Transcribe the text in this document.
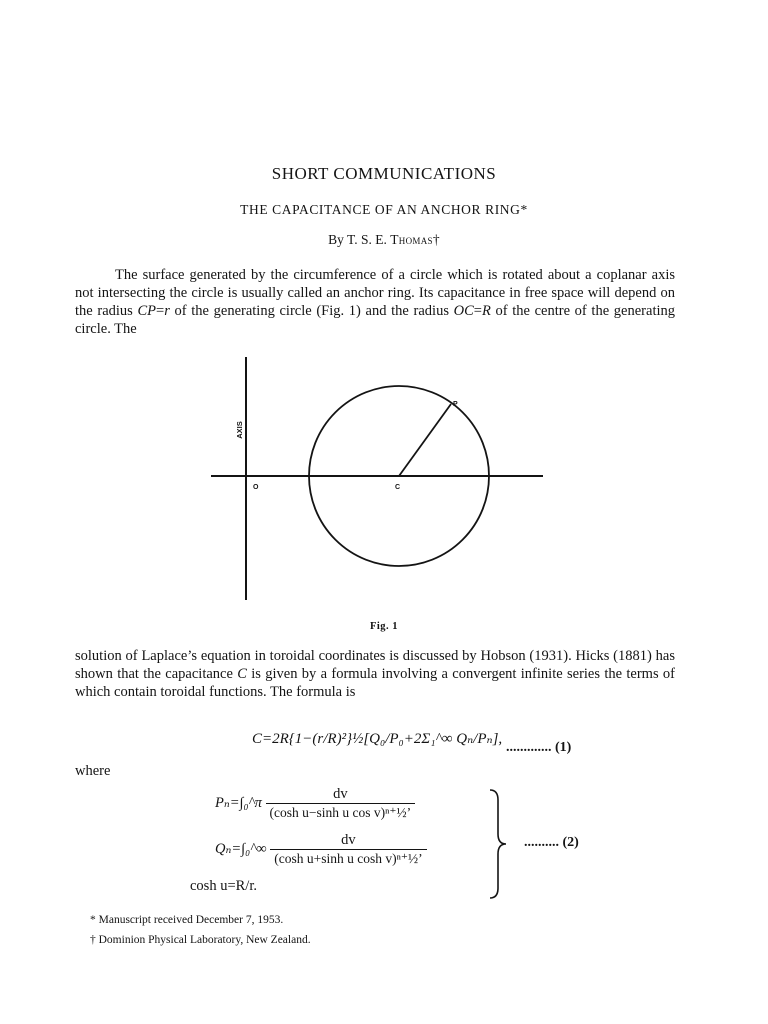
SHORT COMMUNICATIONS
THE CAPACITANCE OF AN ANCHOR RING*
By T. S. E. Thomas†
The surface generated by the circumference of a circle which is rotated about a coplanar axis not intersecting the circle is usually called an anchor ring. Its capacitance in free space will depend on the radius CP=r of the generating circle (Fig. 1) and the radius OC=R of the centre of the generating circle. The
AXIS
O	C
P
Fig. 1
solution of Laplace’s equation in toroidal coordinates is discussed by Hobson (1931). Hicks (1881) has shown that the capacitance C is given by a formula involving a convergent infinite series the terms of which contain toroidal functions. The formula is
C=2R{1−(r/R)²}½[Q₀/P₀+2Σ₁^∞ Qₙ/Pₙ],
............. (1)
where
Pₙ=∫₀^π $\frac{dv}{\text{(cosh u−sinh u cos v)ⁿ⁺½’}}$
Qₙ=∫₀^∞ $\frac{dv}{\text{(cosh u+sinh u cosh v)ⁿ⁺½’}}$
cosh u=R/r.
.......... (2)
* Manuscript received December 7, 1953.
† Dominion Physical Laboratory, New Zealand.
